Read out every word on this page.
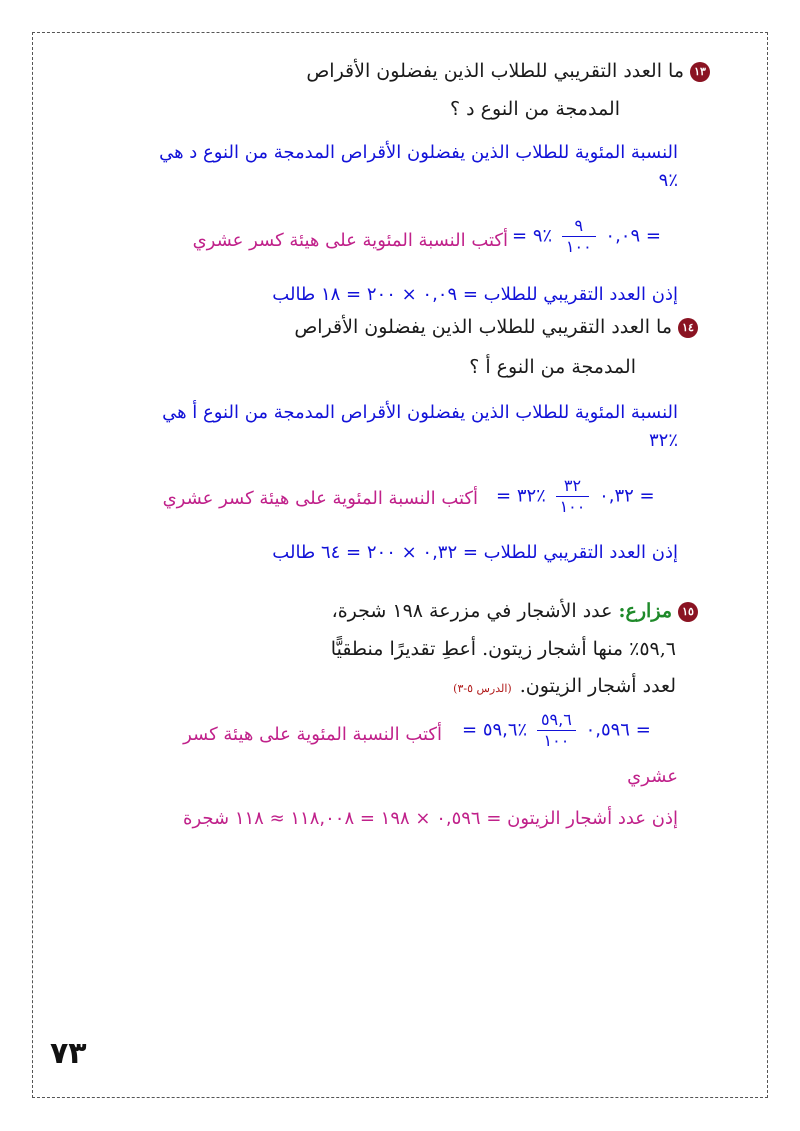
١٣ما العدد التقريبي للطلاب الذين يفضلون الأقراص
المدمجة من النوع د ؟
النسبة المئوية للطلاب الذين يفضلون الأقراص المدمجة من النوع د هي
٪٩
= ٠,٠٩
$\frac{٩}{١٠٠}$
٪٩ =
أكتب النسبة المئوية على هيئة كسر عشري
إذن العدد التقريبي للطلاب = ٠,٠٩ × ٢٠٠ = ١٨ طالب
١٤ما العدد التقريبي للطلاب الذين يفضلون الأقراص
المدمجة من النوع أ ؟
النسبة المئوية للطلاب الذين يفضلون الأقراص المدمجة من النوع أ هي
٪٣٢
= ٠,٣٢
$\frac{٣٢}{١٠٠}$
٪٣٢ =
أكتب النسبة المئوية على هيئة كسر عشري
إذن العدد التقريبي للطلاب = ٠,٣٢ × ٢٠٠ = ٦٤ طالب
١٥مزارع: عدد الأشجار في مزرعة ١٩٨ شجرة،
٥٩,٦٪ منها أشجار زيتون. أعطِ تقديرًا منطقيًّا
لعدد أشجار الزيتون.(الدرس ٥-٣)
= ٠,٥٩٦
$\frac{٥٩,٦}{١٠٠}$
٪٥٩,٦ =
أكتب النسبة المئوية على هيئة كسر
عشري
إذن عدد أشجار الزيتون = ٠,٥٩٦ × ١٩٨ = ١١٨,٠٠٨ ≈ ١١٨ شجرة
٧٣
